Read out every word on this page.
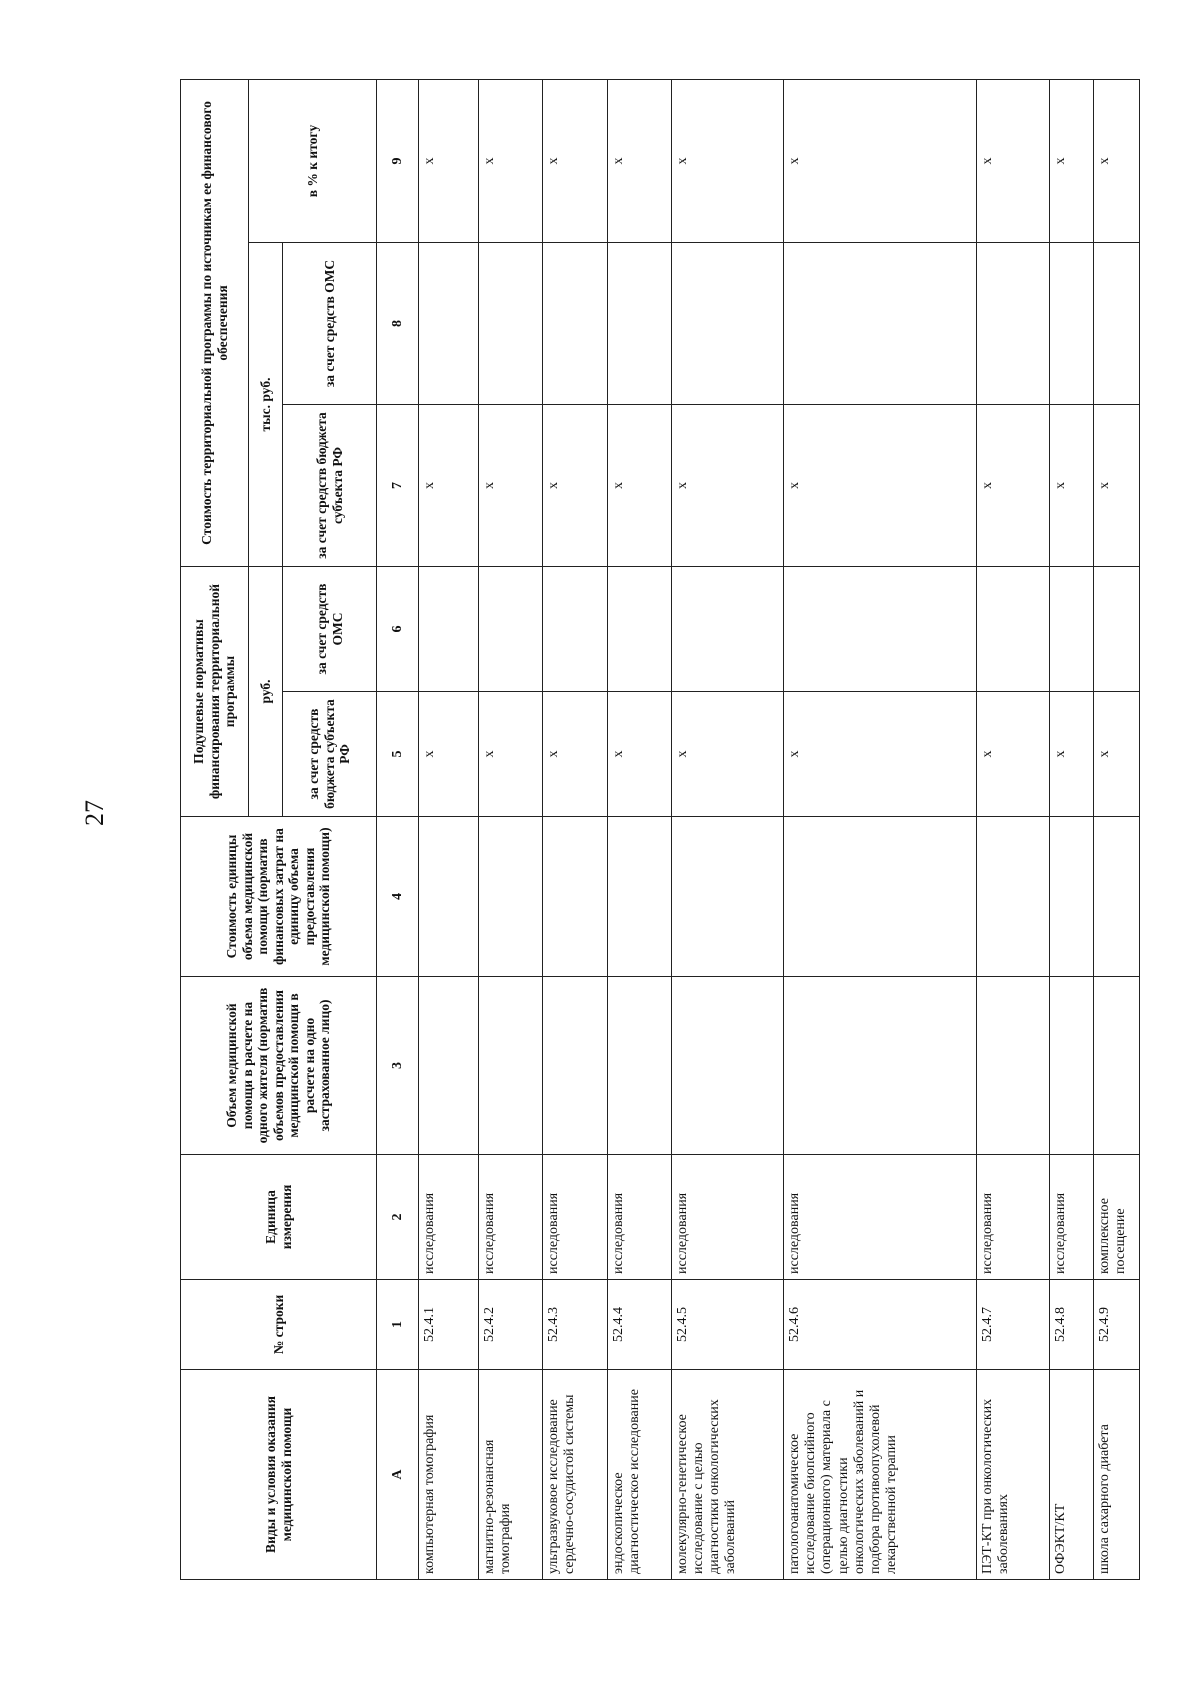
27
Виды и условия оказания медицинской помощи	№ строки	Единица измерения	Объем медицинской помощи в расчете на одного жителя (норматив объемов предоставления медицинской помощи в расчете на одно застрахованное лицо)	Стоимость единицы объема медицинской помощи (норматив финансовых затрат на единицу объема предоставления медицинской помощи)	Подушевые нормативы финансирования территориальной программы		Стоимость территориальной программы по источникам ее финансового обеспечения		
					руб.		тыс. руб.		в % к итогу
					за счет средств бюджета субъекта РФ	за счет средств ОМС	за счет средств бюджета субъекта РФ	за счет средств ОМС	
А	1	2	3	4	5	6	7	8	9
компьютерная томография	52.4.1	исследования			х		х		х
магнитно-резонансная томография	52.4.2	исследования			х		х		х
ультразвуковое исследование сердечно-сосудистой системы	52.4.3	исследования			х		х		х
эндоскопическое диагностическое исследование	52.4.4	исследования			х		х		х
молекулярно-генетическое исследование с целью диагностики онкологических заболеваний	52.4.5	исследования			х		х		х
патологоанатомическое исследование биопсийного (операционного) материала с целью диагностики онкологических заболеваний и подбора противоопухолевой лекарственной терапии	52.4.6	исследования			х		х		х
ПЭТ-КТ при онкологических заболеваниях	52.4.7	исследования			х		х		х
ОФЭКТ/КТ	52.4.8	исследования			х		х		х
школа сахарного диабета	52.4.9	комплексное посещение			х		х		х
